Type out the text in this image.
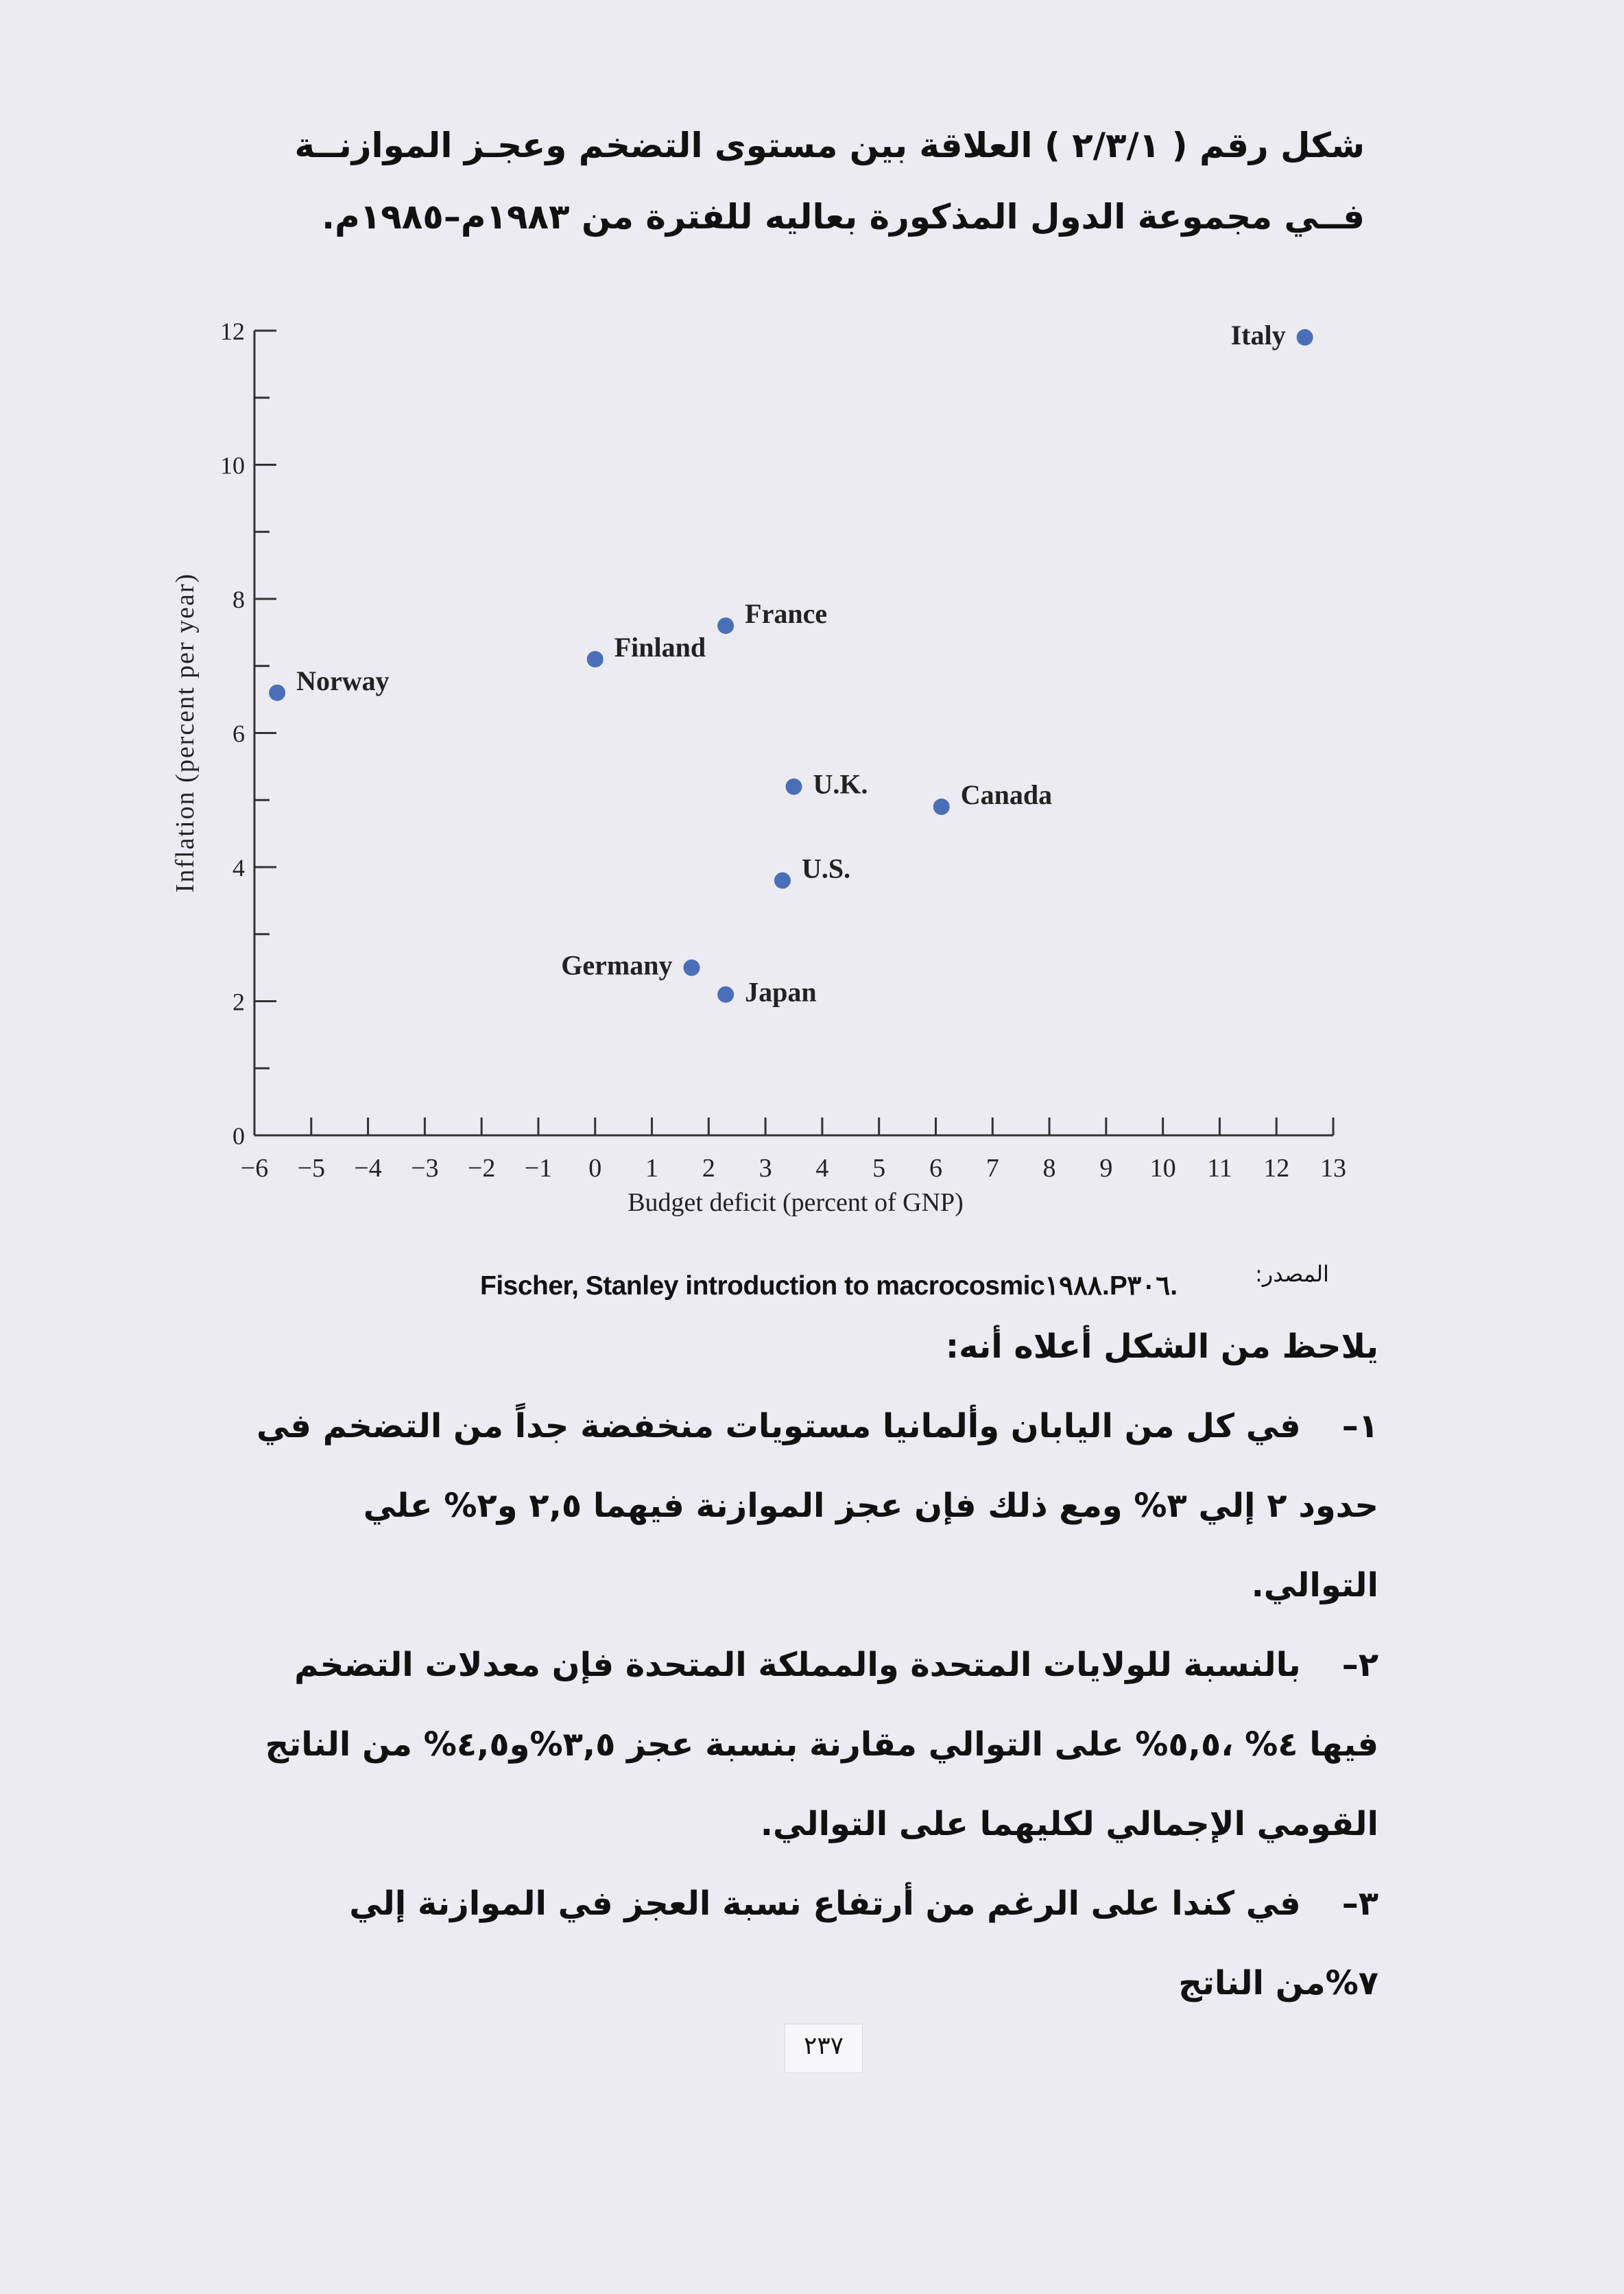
شكل رقم ( ٢/٣/١ ) العلاقة بين مستوى التضخم وعجـز الموازنــة فــي مجموعة الدول المذكورة بعاليه للفترة من ١٩٨٣م–١٩٨٥م.
−6 −5 −4 −3 −2 −1 0 1 2 3 4 5 6 7 8 9 10 11 12 13
0
2
4
6
8
10
12
Budget deficit (percent of GNP)
Inflation (percent per year)
Italy
France
Finland
Norway
U.K.	Canada
U.S.
Germany
Japan
المصدر:
Fischer, Stanley introduction to macrocosmic١٩٨٨.P٣٠٦.

يلاحظ من الشكل أعلاه أنه:

١–في كل من اليابان وألمانيا مستويات منخفضة جداً من التضخم في حدود ٢ إلي ٣% ومع ذلك فإن عجز الموازنة فيهما ٢,٥ و٢% علي التوالي.

٢–بالنسبة للولايات المتحدة والمملكة المتحدة فإن معدلات التضخم فيها ٤% ،٥,٥% على التوالي مقارنة بنسبة عجز ٣,٥%و٤,٥% من الناتج القومي الإجمالي لكليهما على التوالي.

٣–في كندا على الرغم من أرتفاع نسبة العجز في الموازنة إلي ٧%من الناتج

٢٣٧
